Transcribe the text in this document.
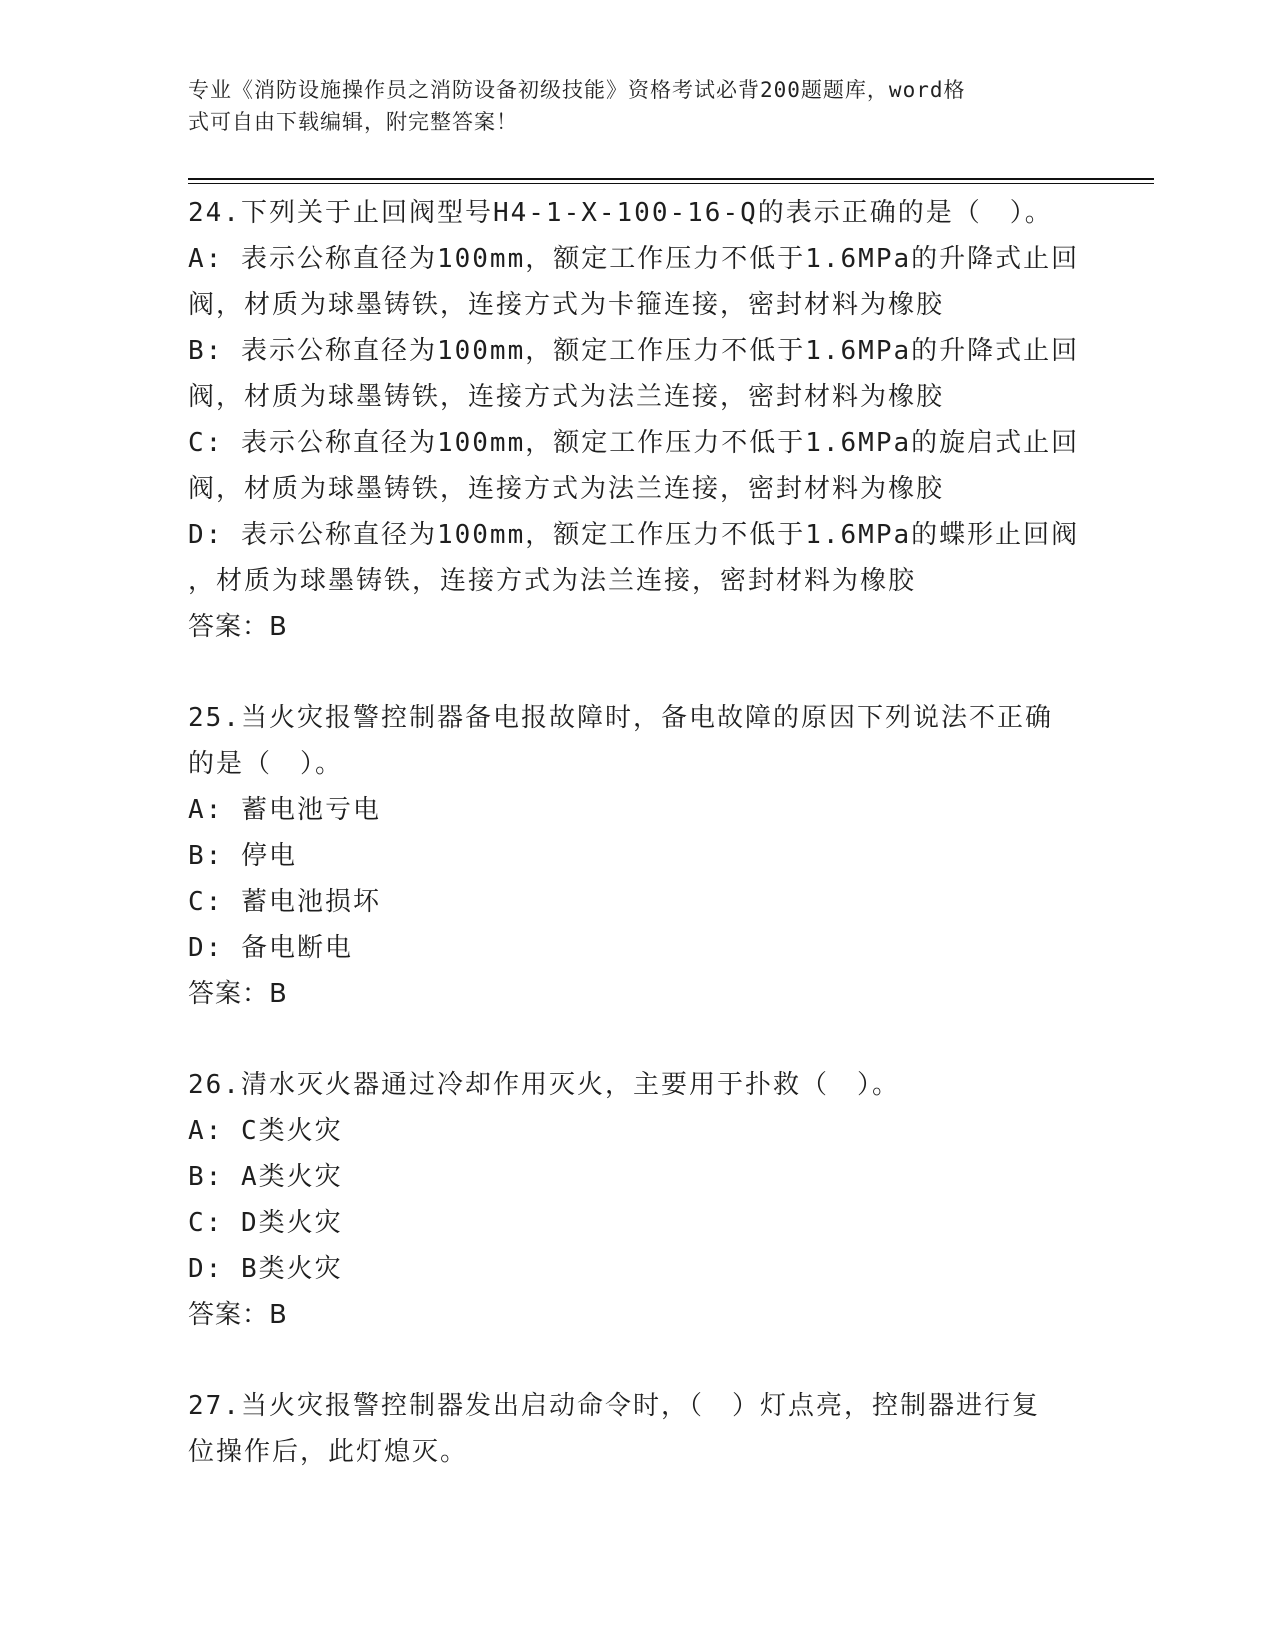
专业《消防设施操作员之消防设备初级技能》资格考试必背200题题库，word格
式可自由下载编辑，附完整答案！
24.下列关于止回阀型号H4-1-X-100-16-Q的表示正确的是（　）。
A: 表示公称直径为100mm，额定工作压力不低于1.6MPa的升降式止回
阀，材质为球墨铸铁，连接方式为卡箍连接，密封材料为橡胶
B: 表示公称直径为100mm，额定工作压力不低于1.6MPa的升降式止回
阀，材质为球墨铸铁，连接方式为法兰连接，密封材料为橡胶
C: 表示公称直径为100mm，额定工作压力不低于1.6MPa的旋启式止回
阀，材质为球墨铸铁，连接方式为法兰连接，密封材料为橡胶
D: 表示公称直径为100mm，额定工作压力不低于1.6MPa的蝶形止回阀
，材质为球墨铸铁，连接方式为法兰连接，密封材料为橡胶
答案：B
25.当火灾报警控制器备电报故障时，备电故障的原因下列说法不正确
的是（　）。
A: 蓄电池亏电
B: 停电
C: 蓄电池损坏
D: 备电断电
答案：B
26.清水灭火器通过冷却作用灭火，主要用于扑救（　）。
A: C类火灾
B: A类火灾
C: D类火灾
D: B类火灾
答案：B
27.当火灾报警控制器发出启动命令时，（　）灯点亮，控制器进行复
位操作后，此灯熄灭。
